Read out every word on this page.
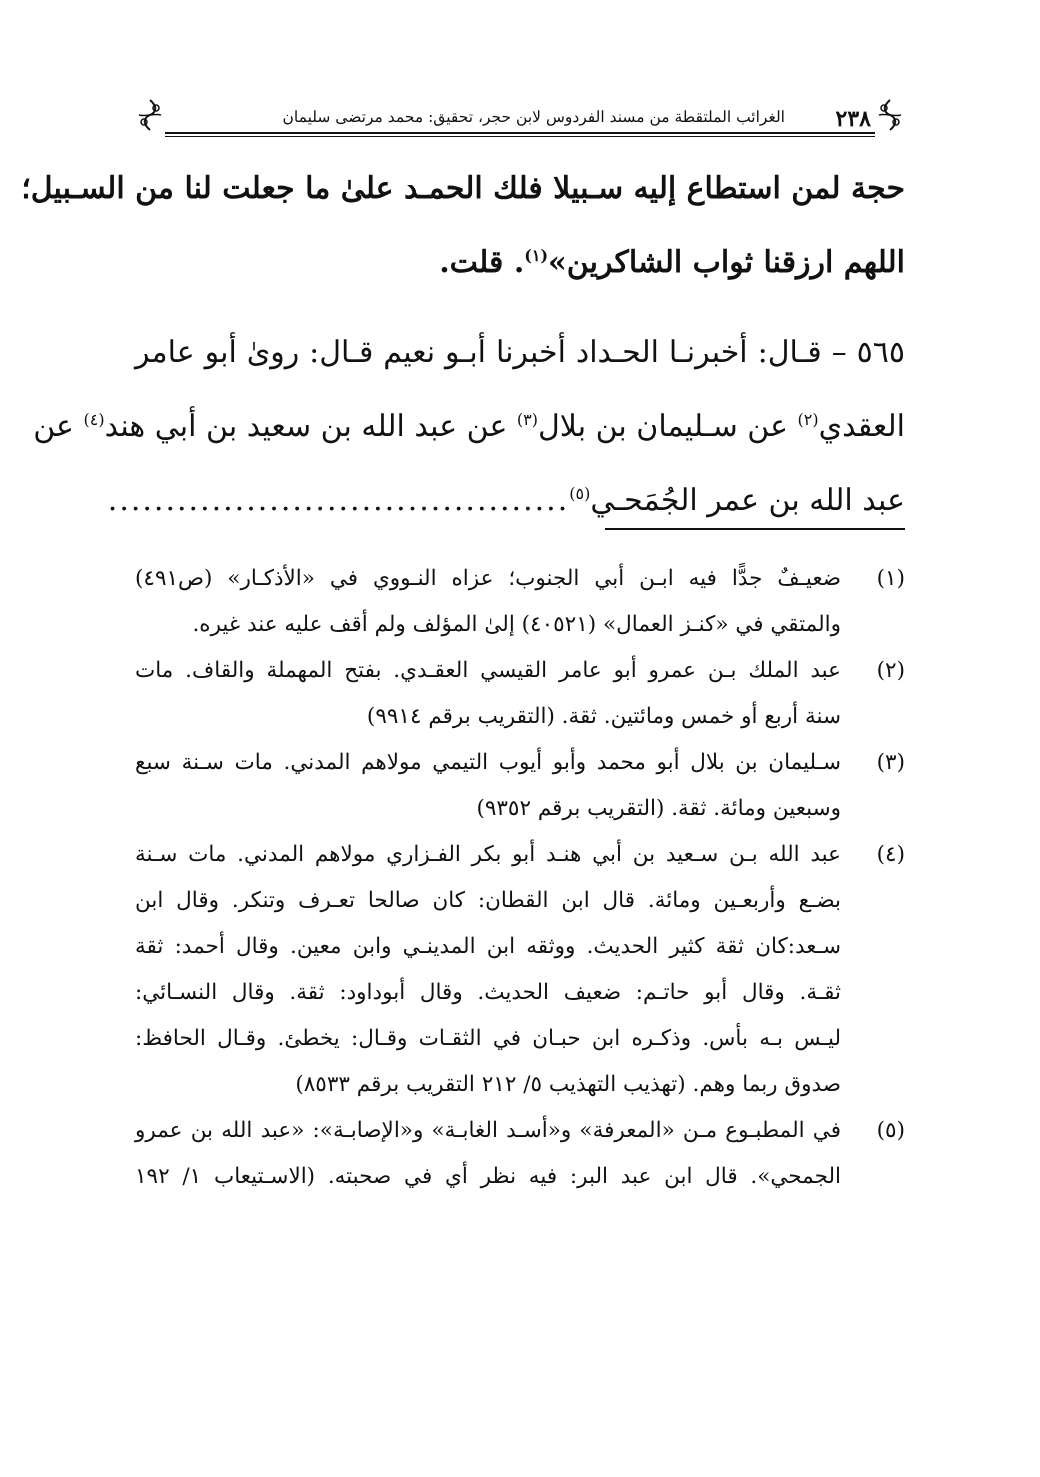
٢٣٨
الغرائب الملتقطة من مسند الفردوس لابن حجر، تحقيق: محمد مرتضى سليمان
حجة لمن استطاع إليه سـبيلا فلك الحمـد علىٰ ما جعلت لنا من السـبيل؛
اللهم ارزقنا ثواب الشاكرين»$^{(١)}$. قلت.
٥٦٥ – قـال: أخبرنـا الحـداد أخبرنا أبـو نعيم قـال: روىٰ أبو عامر
العقدي$^{(٢)}$ عن سـليمان بن بلال$^{(٣)}$ عن عبد الله بن سعيد بن أبي هند$^{(٤)}$ عن
عبد الله بن عمر الجُمَحـي$^{(٥)}$........................................
(١)
ضعيـفٌ جدًّا فيه ابـن أبي الجنوب؛ عزاه النـووي في «الأذكـار» (ص٤٩١)
والمتقي في «كنـز العمال» (٤٠٥٢١) إلىٰ المؤلف ولم أقف عليه عند غيره.
(٢)
عبد الملك بـن عمرو أبو عامر القيسي العقـدي. بفتح المهملة والقاف. مات
سنة أربع أو خمس ومائتين. ثقة. (التقريب برقم ٩٩١٤)
(٣)
سـليمان بن بلال أبو محمد وأبو أيوب التيمي مولاهم المدني. مات سـنة سبع
وسبعين ومائة. ثقة. (التقريب برقم ٩٣٥٢)
(٤)
عبد الله بـن سـعيد بن أبي هنـد أبو بكر الفـزاري مولاهم المدني. مات سـنة
بضـع وأربعـين ومائة. قال ابن القطان: كان صالحا تعـرف وتنكر. وقال ابن
سـعد:كان ثقة كثير الحديث. ووثقه ابن المدينـي وابن معين. وقال أحمد: ثقة
ثقـة. وقال أبو حاتـم: ضعيف الحديث. وقال أبوداود: ثقة. وقال النسـائي:
ليـس بـه بأس. وذكـره ابن حبـان في الثقـات وقـال: يخطئ. وقـال الحافظ:
صدوق ربما وهم. (تهذيب التهذيب ٥/ ٢١٢ التقريب برقم ٨٥٣٣)
(٥)
في المطبـوع مـن «المعرفة» و«أسـد الغابـة» و«الإصابـة»: «عبد الله بن عمرو
الجمحي». قال ابن عبد البر: فيه نظر أي في صحبته. (الاسـتيعاب ١/ ١٩٢
